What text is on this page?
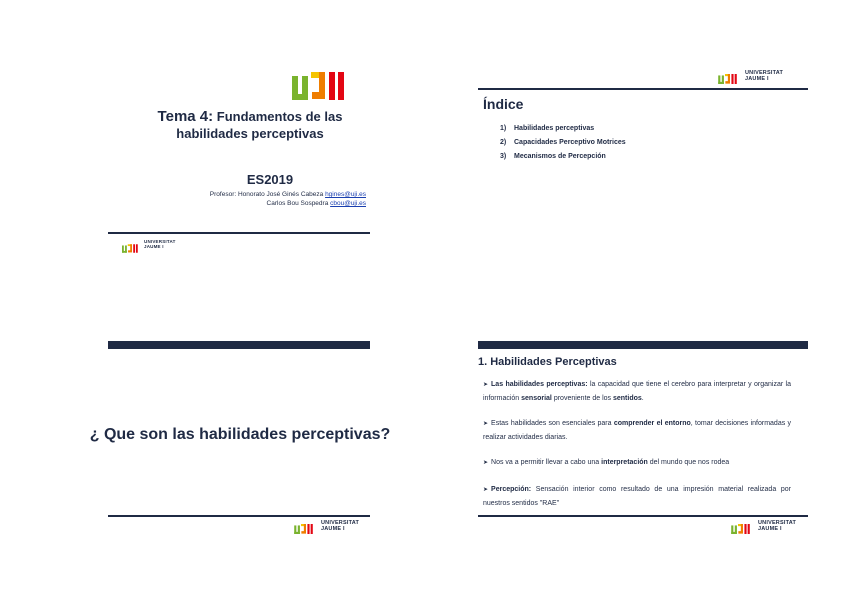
Tema 4: Fundamentos de las
habilidades perceptivas
ES2019
Profesor: Honorato José Ginés Cabeza hgines@uji.es
Carlos Bou Sospedra cbou@uji.es
UNIVERSITAT
JAUME I
UNIVERSITAT
JAUME I
Índice
1) Habilidades perceptivas
2) Capacidades Perceptivo Motrices
3) Mecanismos de Percepción
¿ Que son las habilidades perceptivas?
UNIVERSITAT
JAUME I
1. Habilidades Perceptivas
➤ Las habilidades perceptivas: la capacidad que tiene el cerebro para interpretar y organizar la información sensorial proveniente de los sentidos.
➤ Estas habilidades son esenciales para comprender el entorno, tomar decisiones informadas y realizar actividades diarias.
➤ Nos va a permitir llevar a cabo una interpretación del mundo que nos rodea
➤ Percepción: Sensación interior como resultado de una impresión material realizada por nuestros sentidos "RAE"
UNIVERSITAT
JAUME I
